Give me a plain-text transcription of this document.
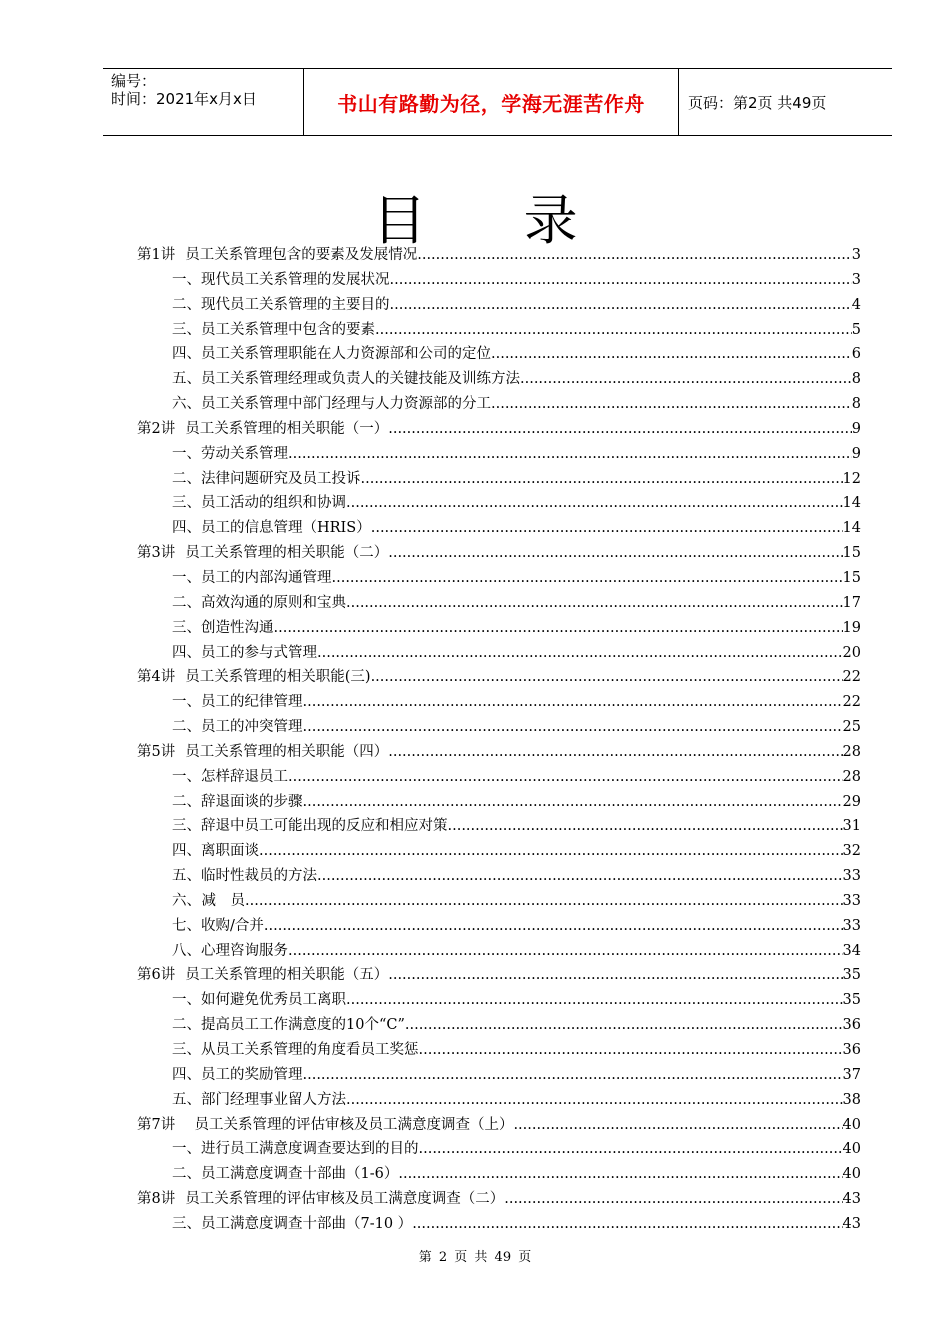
编号：
时间：2021年x月x日	书山有路勤为径，学海无涯苦作舟	页码：第2页 共49页
目 录
第1讲 员工关系管理包含的要素及发展情况 .....	3
一、 现代员工关系管理的发展状况 .....	3
二、 现代员工关系管理的主要目的 .....	4
三、 员工关系管理中包含的要素 .....	5
四、 员工关系管理职能在人力资源部和公司的定位 .....	6
五、 员工关系管理经理或负责人的关键技能及训练方法 .....	8
六、 员工关系管理中部门经理与人力资源部的分工 .....	8
第2讲 员工关系管理的相关职能（一） .....	9
一、 劳动关系管理 .....	9
二、 法律问题研究及员工投诉 .....	12
三、 员工活动的组织和协调 .....	14
四、 员工的信息管理（HRIS） .....	14
第3讲 员工关系管理的相关职能（二） .....	15
一、 员工的内部沟通管理 .....	15
二、 高效沟通的原则和宝典 .....	17
三、 创造性沟通 .....	19
四、 员工的参与式管理 .....	20
第4讲 员工关系管理的相关职能(三) .....	22
一、 员工的纪律管理 .....	22
二、 员工的冲突管理 .....	25
第5讲 员工关系管理的相关职能（四） .....	28
一、 怎样辞退员工 .....	28
二、 辞退面谈的步骤 .....	29
三、 辞退中员工可能出现的反应和相应对策 .....	31
四、 离职面谈 .....	32
五、 临时性裁员的方法 .....	33
六、 减　员 .....	33
七、 收购/合并 .....	33
八、 心理咨询服务 .....	34
第6讲 员工关系管理的相关职能（五） .....	35
一、 如何避免优秀员工离职 .....	35
二、 提高员工工作满意度的10个“C” .....	36
三、 从员工关系管理的角度看员工奖惩 .....	36
四、 员工的奖励管理 .....	37
五、 部门经理事业留人方法 .....	38
第7讲 员工关系管理的评估审核及员工满意度调查（上） .....	40
一、 进行员工满意度调查要达到的目的 .....	40
二、 员工满意度调查十部曲（1-6） .....	40
第8讲 员工关系管理的评估审核及员工满意度调查（二） .....	43
三、 员工满意度调查十部曲（7-10 ） .....	43
第 2 页 共 49 页
